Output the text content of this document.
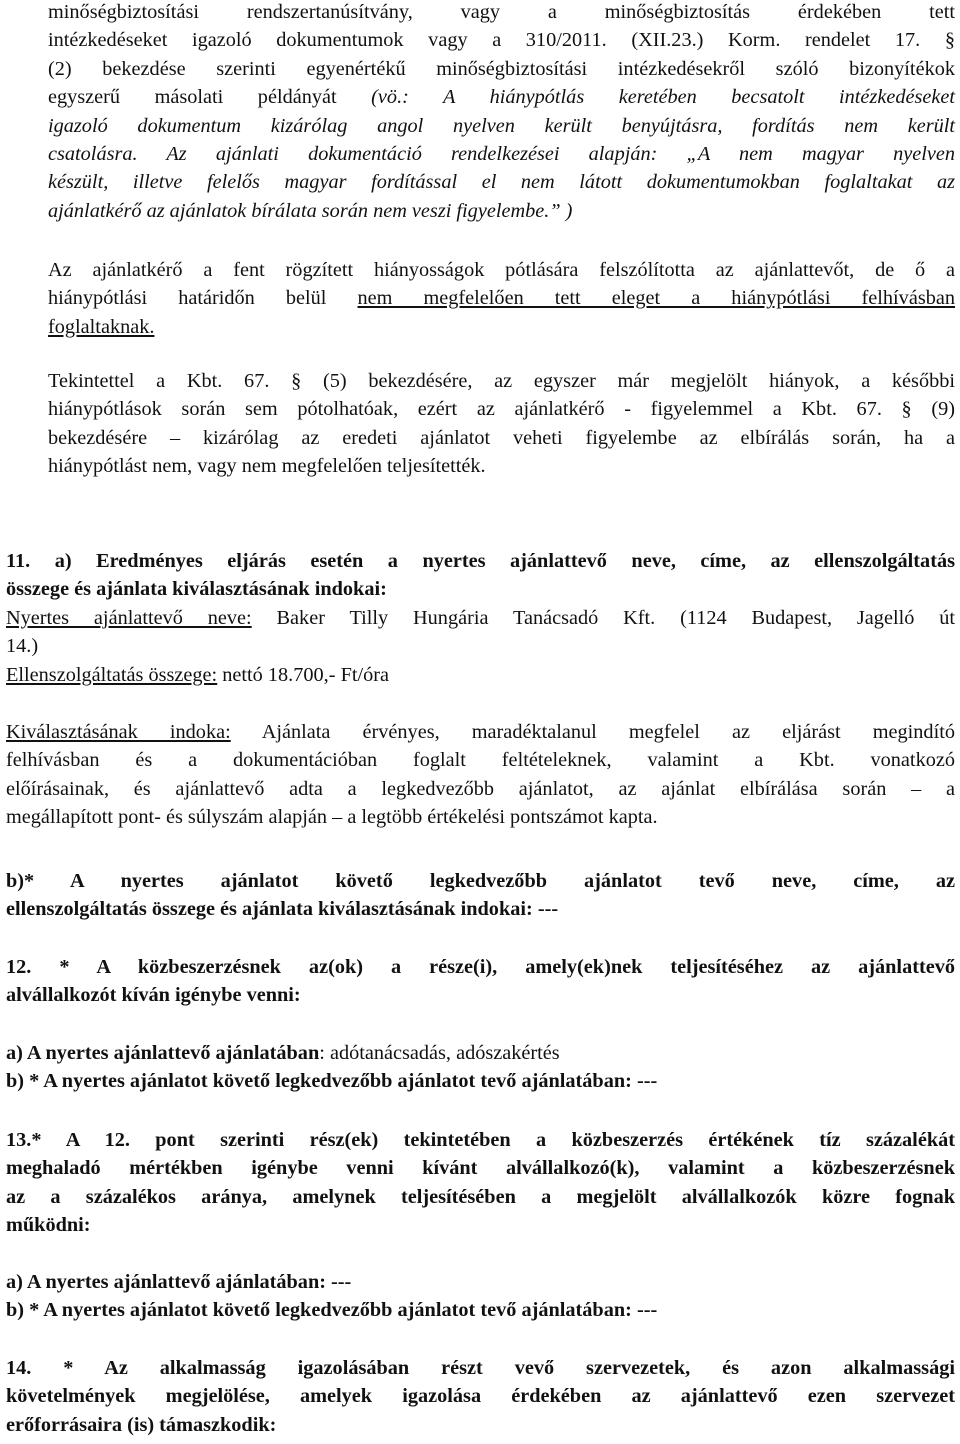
minőségbiztosítási rendszertanúsítvány, vagy a minőségbiztosítás érdekében tett
intézkedéseket igazoló dokumentumok vagy a 310/2011. (XII.23.) Korm. rendelet 17. §
(2) bekezdése szerinti egyenértékű minőségbiztosítási intézkedésekről szóló bizonyítékok
egyszerű másolati példányát (vö.: A hiánypótlás keretében becsatolt intézkedéseket
igazoló dokumentum kizárólag angol nyelven került benyújtásra, fordítás nem került
csatolásra. Az ajánlati dokumentáció rendelkezései alapján: „A nem magyar nyelven
készült, illetve felelős magyar fordítással el nem látott dokumentumokban foglaltakat az
ajánlatkérő az ajánlatok bírálata során nem veszi figyelembe.” )
Az ajánlatkérő a fent rögzített hiányosságok pótlására felszólította az ajánlattevőt, de ő a
hiánypótlási határidőn belül nem megfelelően tett eleget a hiánypótlási felhívásban
foglaltaknak.
Tekintettel a Kbt. 67. § (5) bekezdésére, az egyszer már megjelölt hiányok, a későbbi
hiánypótlások során sem pótolhatóak, ezért az ajánlatkérő - figyelemmel a Kbt. 67. § (9)
bekezdésére – kizárólag az eredeti ajánlatot veheti figyelembe az elbírálás során, ha a
hiánypótlást nem, vagy nem megfelelően teljesítették.
11. a) Eredményes eljárás esetén a nyertes ajánlattevő neve, címe, az ellenszolgáltatás
összege és ajánlata kiválasztásának indokai:
Nyertes ajánlattevő neve: Baker Tilly Hungária Tanácsadó Kft. (1124 Budapest, Jagelló út
14.)
Ellenszolgáltatás összege: nettó 18.700,- Ft/óra
Kiválasztásának indoka: Ajánlata érvényes, maradéktalanul megfelel az eljárást megindító
felhívásban és a dokumentációban foglalt feltételeknek, valamint a Kbt. vonatkozó
előírásainak, és ajánlattevő adta a legkedvezőbb ajánlatot, az ajánlat elbírálása során – a
megállapított pont- és súlyszám alapján – a legtöbb értékelési pontszámot kapta.
b)* A nyertes ajánlatot követő legkedvezőbb ajánlatot tevő neve, címe, az
ellenszolgáltatás összege és ajánlata kiválasztásának indokai: ---
12. * A közbeszerzésnek az(ok) a része(i), amely(ek)nek teljesítéséhez az ajánlattevő
alvállalkozót kíván igénybe venni:
a) A nyertes ajánlattevő ajánlatában: adótanácsadás, adószakértés
b) * A nyertes ajánlatot követő legkedvezőbb ajánlatot tevő ajánlatában: ---
13.* A 12. pont szerinti rész(ek) tekintetében a közbeszerzés értékének tíz százalékát
meghaladó mértékben igénybe venni kívánt alvállalkozó(k), valamint a közbeszerzésnek
az a százalékos aránya, amelynek teljesítésében a megjelölt alvállalkozók közre fognak
működni:
a) A nyertes ajánlattevő ajánlatában: ---
b) * A nyertes ajánlatot követő legkedvezőbb ajánlatot tevő ajánlatában: ---
14. * Az alkalmasság igazolásában részt vevő szervezetek, és azon alkalmassági
követelmények megjelölése, amelyek igazolása érdekében az ajánlattevő ezen szervezet
erőforrásaira (is) támaszkodik:
